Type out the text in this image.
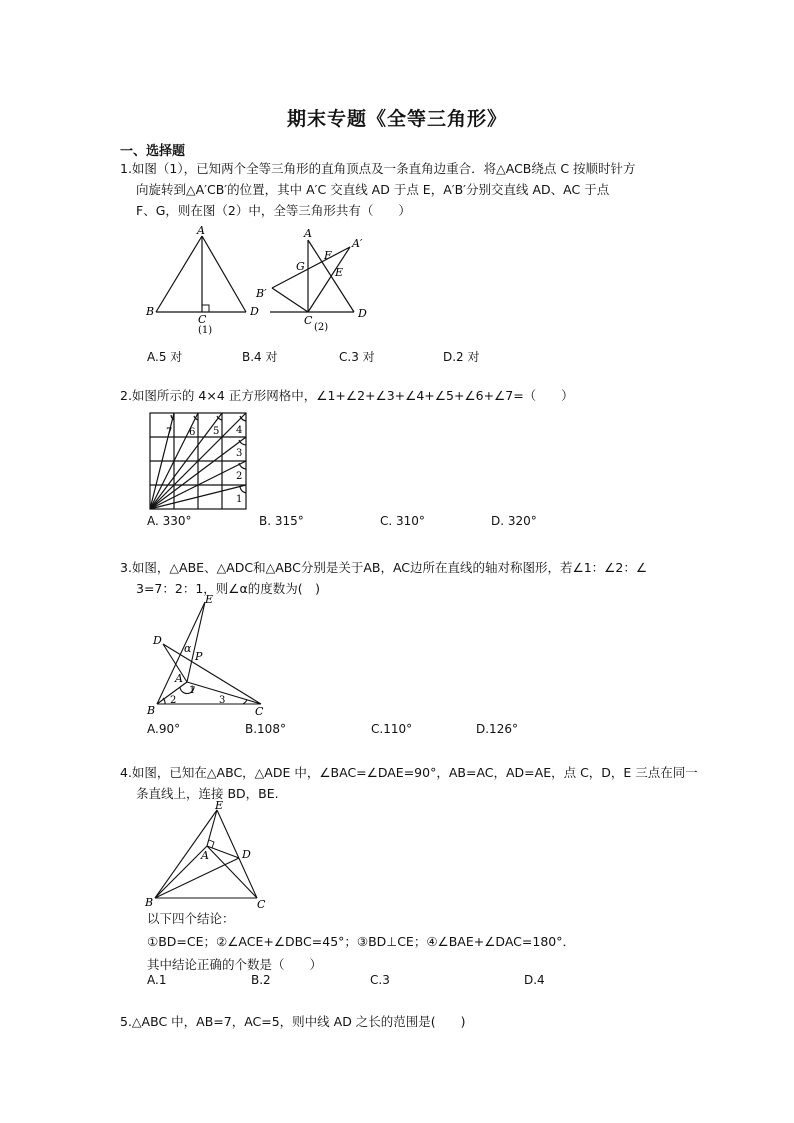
期末专题《全等三角形》
一、选择题
1.如图（1），已知两个全等三角形的直角顶点及一条直角边重合．将△ACB绕点 C 按顺时针方
向旋转到△A′CB′的位置，其中 A′C 交直线 AD 于点 E，A′B′分别交直线 AD、AC 于点
F、G，则在图（2）中，全等三角形共有（　　）
A
B
C
D
(1)
A
A′
F
G	E
B′
C
D
(2)
A.5 对	B.4 对	C.3 对	D.2 对
2.如图所示的 4×4 正方形网格中，∠1+∠2+∠3+∠4+∠5+∠6+∠7=（　　）
1
2
3
4
5
6
7
A. 330°	B. 315°	C. 310°	D. 320°
3.如图，△ABE、△ADC和△ABC分别是关于AB，AC边所在直线的轴对称图形，若∠1：∠2：∠
3=7：2：1，则∠α的度数为(　)
E
D
α
P
A
1
2	3
B	C
A.90°	B.108°	C.110°	D.126°
4.如图，已知在△ABC，△ADE 中，∠BAC=∠DAE=90°，AB=AC，AD=AE，点 C，D，E 三点在同一
条直线上，连接 BD，BE.
E
A	D
B	C
以下四个结论：
①BD=CE；②∠ACE+∠DBC=45°；③BD⊥CE；④∠BAE+∠DAC=180°．
其中结论正确的个数是（　　）
A.1	B.2	C.3	D.4
5.△ABC 中，AB=7，AC=5，则中线 AD 之长的范围是(　　)
